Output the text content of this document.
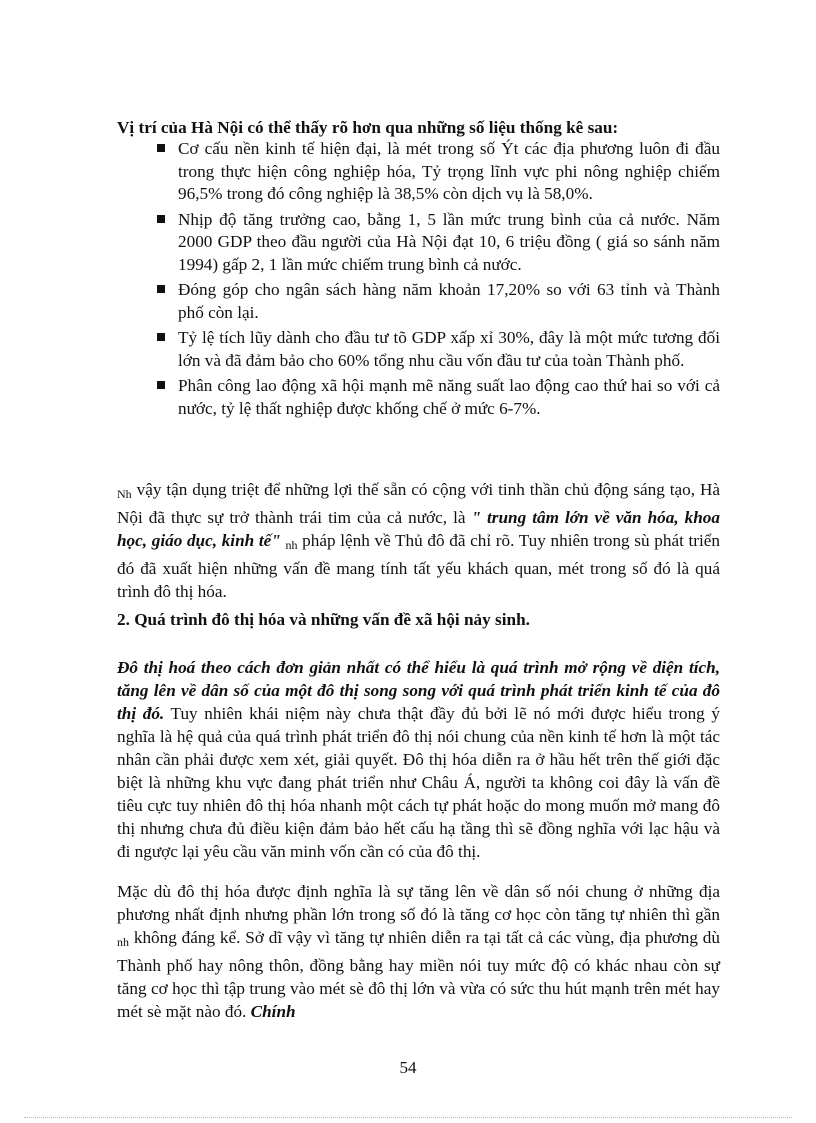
Vị trí của Hà Nội có thể thấy rõ hơn qua những số liệu thống kê sau:
Cơ cấu nền kinh tế hiện đại, là mét trong số Ýt các địa phương luôn đi đầu trong thực hiện công nghiệp hóa, Tỷ trọng lĩnh vực phi nông nghiệp chiếm 96,5% trong đó công nghiệp là 38,5% còn dịch vụ là 58,0%.
Nhịp độ tăng trưởng cao, bằng 1, 5 lần mức trung bình của cả nước. Năm 2000 GDP theo đầu người của Hà Nội đạt 10, 6 triệu đồng ( giá so sánh năm 1994) gấp 2, 1 lần mức chiếm trung bình cả nước.
Đóng góp cho ngân sách hàng năm khoản 17,20% so với 63 tỉnh và Thành phố còn lại.
Tỷ lệ tích lũy dành cho đầu tư tõ GDP xấp xỉ 30%, đây là một mức tương đối lớn và đã đảm bảo cho 60% tổng nhu cầu vốn đầu tư của toàn Thành phố.
Phân công lao động xã hội mạnh mẽ năng suất lao động cao thứ hai so với cả nước, tỷ lệ thất nghiệp được khống chế ở mức 6-7%.
Nh vậy tận dụng triệt để những lợi thế sẵn có cộng với tinh thần chủ động sáng tạo, Hà Nội đã thực sự trở thành trái tim của cả nước, là " trung tâm lớn về văn hóa, khoa học, giáo dục, kinh tế" nh pháp lệnh về Thủ đô đã chỉ rõ. Tuy nhiên trong sù phát triển đó đã xuất hiện những vấn đề mang tính tất yếu khách quan, mét trong số đó là quá trình đô thị hóa.
2. Quá trình đô thị hóa và những vấn đề xã hội nảy sinh.
Đô thị hoá theo cách đơn giản nhất có thể hiểu là quá trình mở rộng về diện tích, tăng lên về dân số của một đô thị song song với quá trình phát triển kinh tế của đô thị đó. Tuy nhiên khái niệm này chưa thật đầy đủ bởi lẽ nó mới được hiểu trong ý nghĩa là hệ quả của quá trình phát triển đô thị nói chung của nền kinh tế hơn là một tác nhân cần phải được xem xét, giải quyết. Đô thị hóa diễn ra ở hầu hết trên thế giới đặc biệt là những khu vực đang phát triển như Châu Á, người ta không coi đây là vấn đề tiêu cực tuy nhiên đô thị hóa nhanh một cách tự phát hoặc do mong muốn mở mang đô thị nhưng chưa đủ điều kiện đảm bảo hết cấu hạ tầng thì sẽ đồng nghĩa với lạc hậu và đi ngược lại yêu cầu văn minh vốn cần có của đô thị.
Mặc dù đô thị hóa được định nghĩa là sự tăng lên về dân số nói chung ở những địa phương nhất định nhưng phần lớn trong số đó là tăng cơ học còn tăng tự nhiên thì gần nh không đáng kể. Sở dĩ vậy vì tăng tự nhiên diễn ra tại tất cả các vùng, địa phương dù Thành phố hay nông thôn, đồng bằng hay miền nói tuy mức độ có khác nhau còn sự tăng cơ học thì tập trung vào mét sè đô thị lớn và vừa có sức thu hút mạnh trên mét hay mét sè mặt nào đó. Chính
54
